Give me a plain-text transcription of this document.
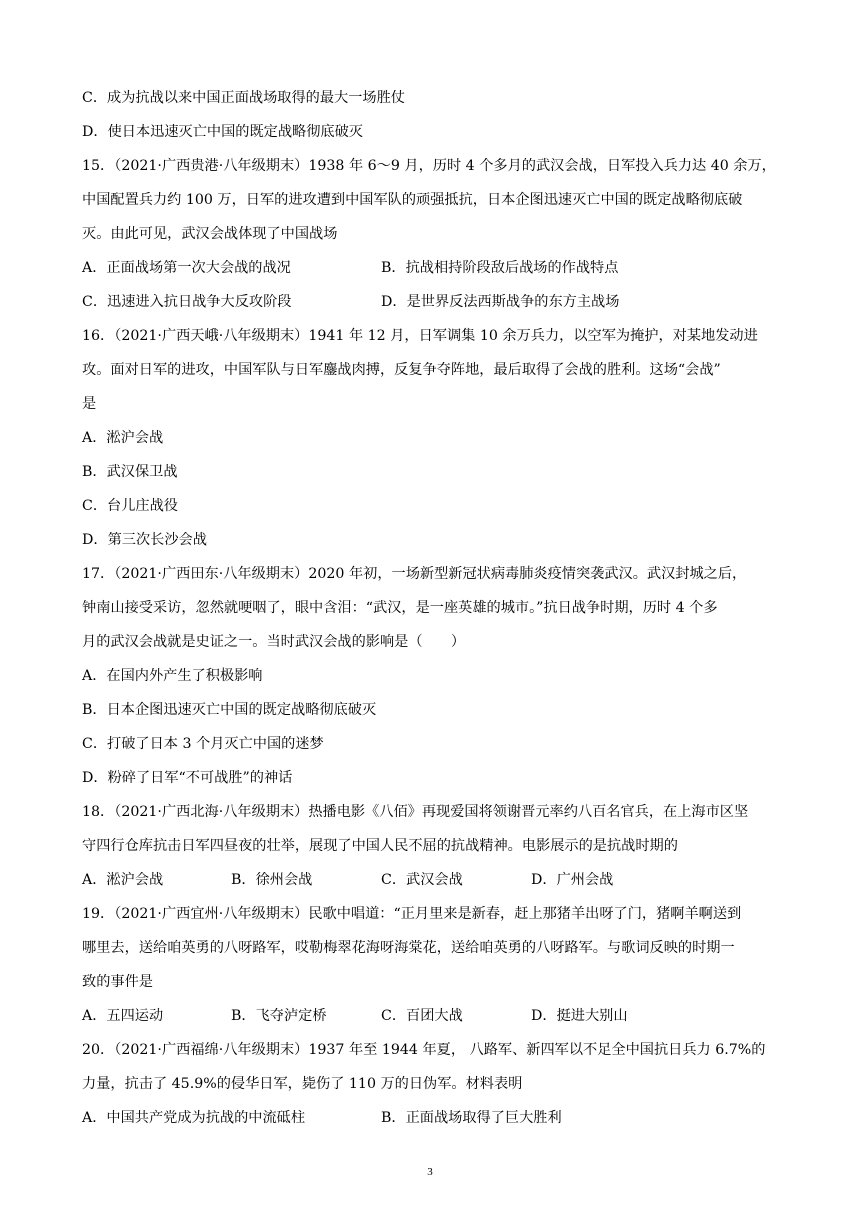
C．成为抗战以来中国正面战场取得的最大一场胜仗
D．使日本迅速灭亡中国的既定战略彻底破灭
15．（2021·广西贵港·八年级期末）1938 年 6～9 月，历时 4 个多月的武汉会战，日军投入兵力达 40 余万，
中国配置兵力约 100 万，日军的进攻遭到中国军队的顽强抵抗，日本企图迅速灭亡中国的既定战略彻底破
灭。由此可见，武汉会战体现了中国战场
A．正面战场第一次大会战的战况	B．抗战相持阶段敌后战场的作战特点
C．迅速进入抗日战争大反攻阶段	D．是世界反法西斯战争的东方主战场
16．（2021·广西天峨·八年级期末）1941 年 12 月，日军调集 10 余万兵力，以空军为掩护，对某地发动进
攻。面对日军的进攻，中国军队与日军鏖战肉搏，反复争夺阵地，最后取得了会战的胜利。这场“会战”
是
A．淞沪会战
B．武汉保卫战
C．台儿庄战役
D．第三次长沙会战
17．（2021·广西田东·八年级期末）2020 年初，一场新型新冠状病毒肺炎疫情突袭武汉。武汉封城之后，
钟南山接受采访，忽然就哽咽了，眼中含泪：“武汉，是一座英雄的城市。”抗日战争时期，历时 4 个多
月的武汉会战就是史证之一。当时武汉会战的影响是（　　）
A．在国内外产生了积极影响
B．日本企图迅速灭亡中国的既定战略彻底破灭
C．打破了日本 3 个月灭亡中国的迷梦
D．粉碎了日军“不可战胜”的神话
18．（2021·广西北海·八年级期末）热播电影《八佰》再现爱国将领谢晋元率约八百名官兵，在上海市区坚
守四行仓库抗击日军四昼夜的壮举，展现了中国人民不屈的抗战精神。电影展示的是抗战时期的
A．淞沪会战	B．徐州会战	C．武汉会战	D．广州会战
19．（2021·广西宜州·八年级期末）民歌中唱道：“正月里来是新春，赶上那猪羊出呀了门，猪啊羊啊送到
哪里去，送给咱英勇的八呀路军，哎勒梅翠花海呀海棠花，送给咱英勇的八呀路军。与歌词反映的时期一
致的事件是
A．五四运动	B．飞夺泸定桥	C．百团大战	D．挺进大别山
20．（2021·广西福绵·八年级期末）1937 年至 1944 年夏， 八路军、新四军以不足全中国抗日兵力 6.7%的
力量，抗击了 45.9%的侵华日军，毙伤了 110 万的日伪军。材料表明
A．中国共产党成为抗战的中流砥柱	B．正面战场取得了巨大胜利
3
